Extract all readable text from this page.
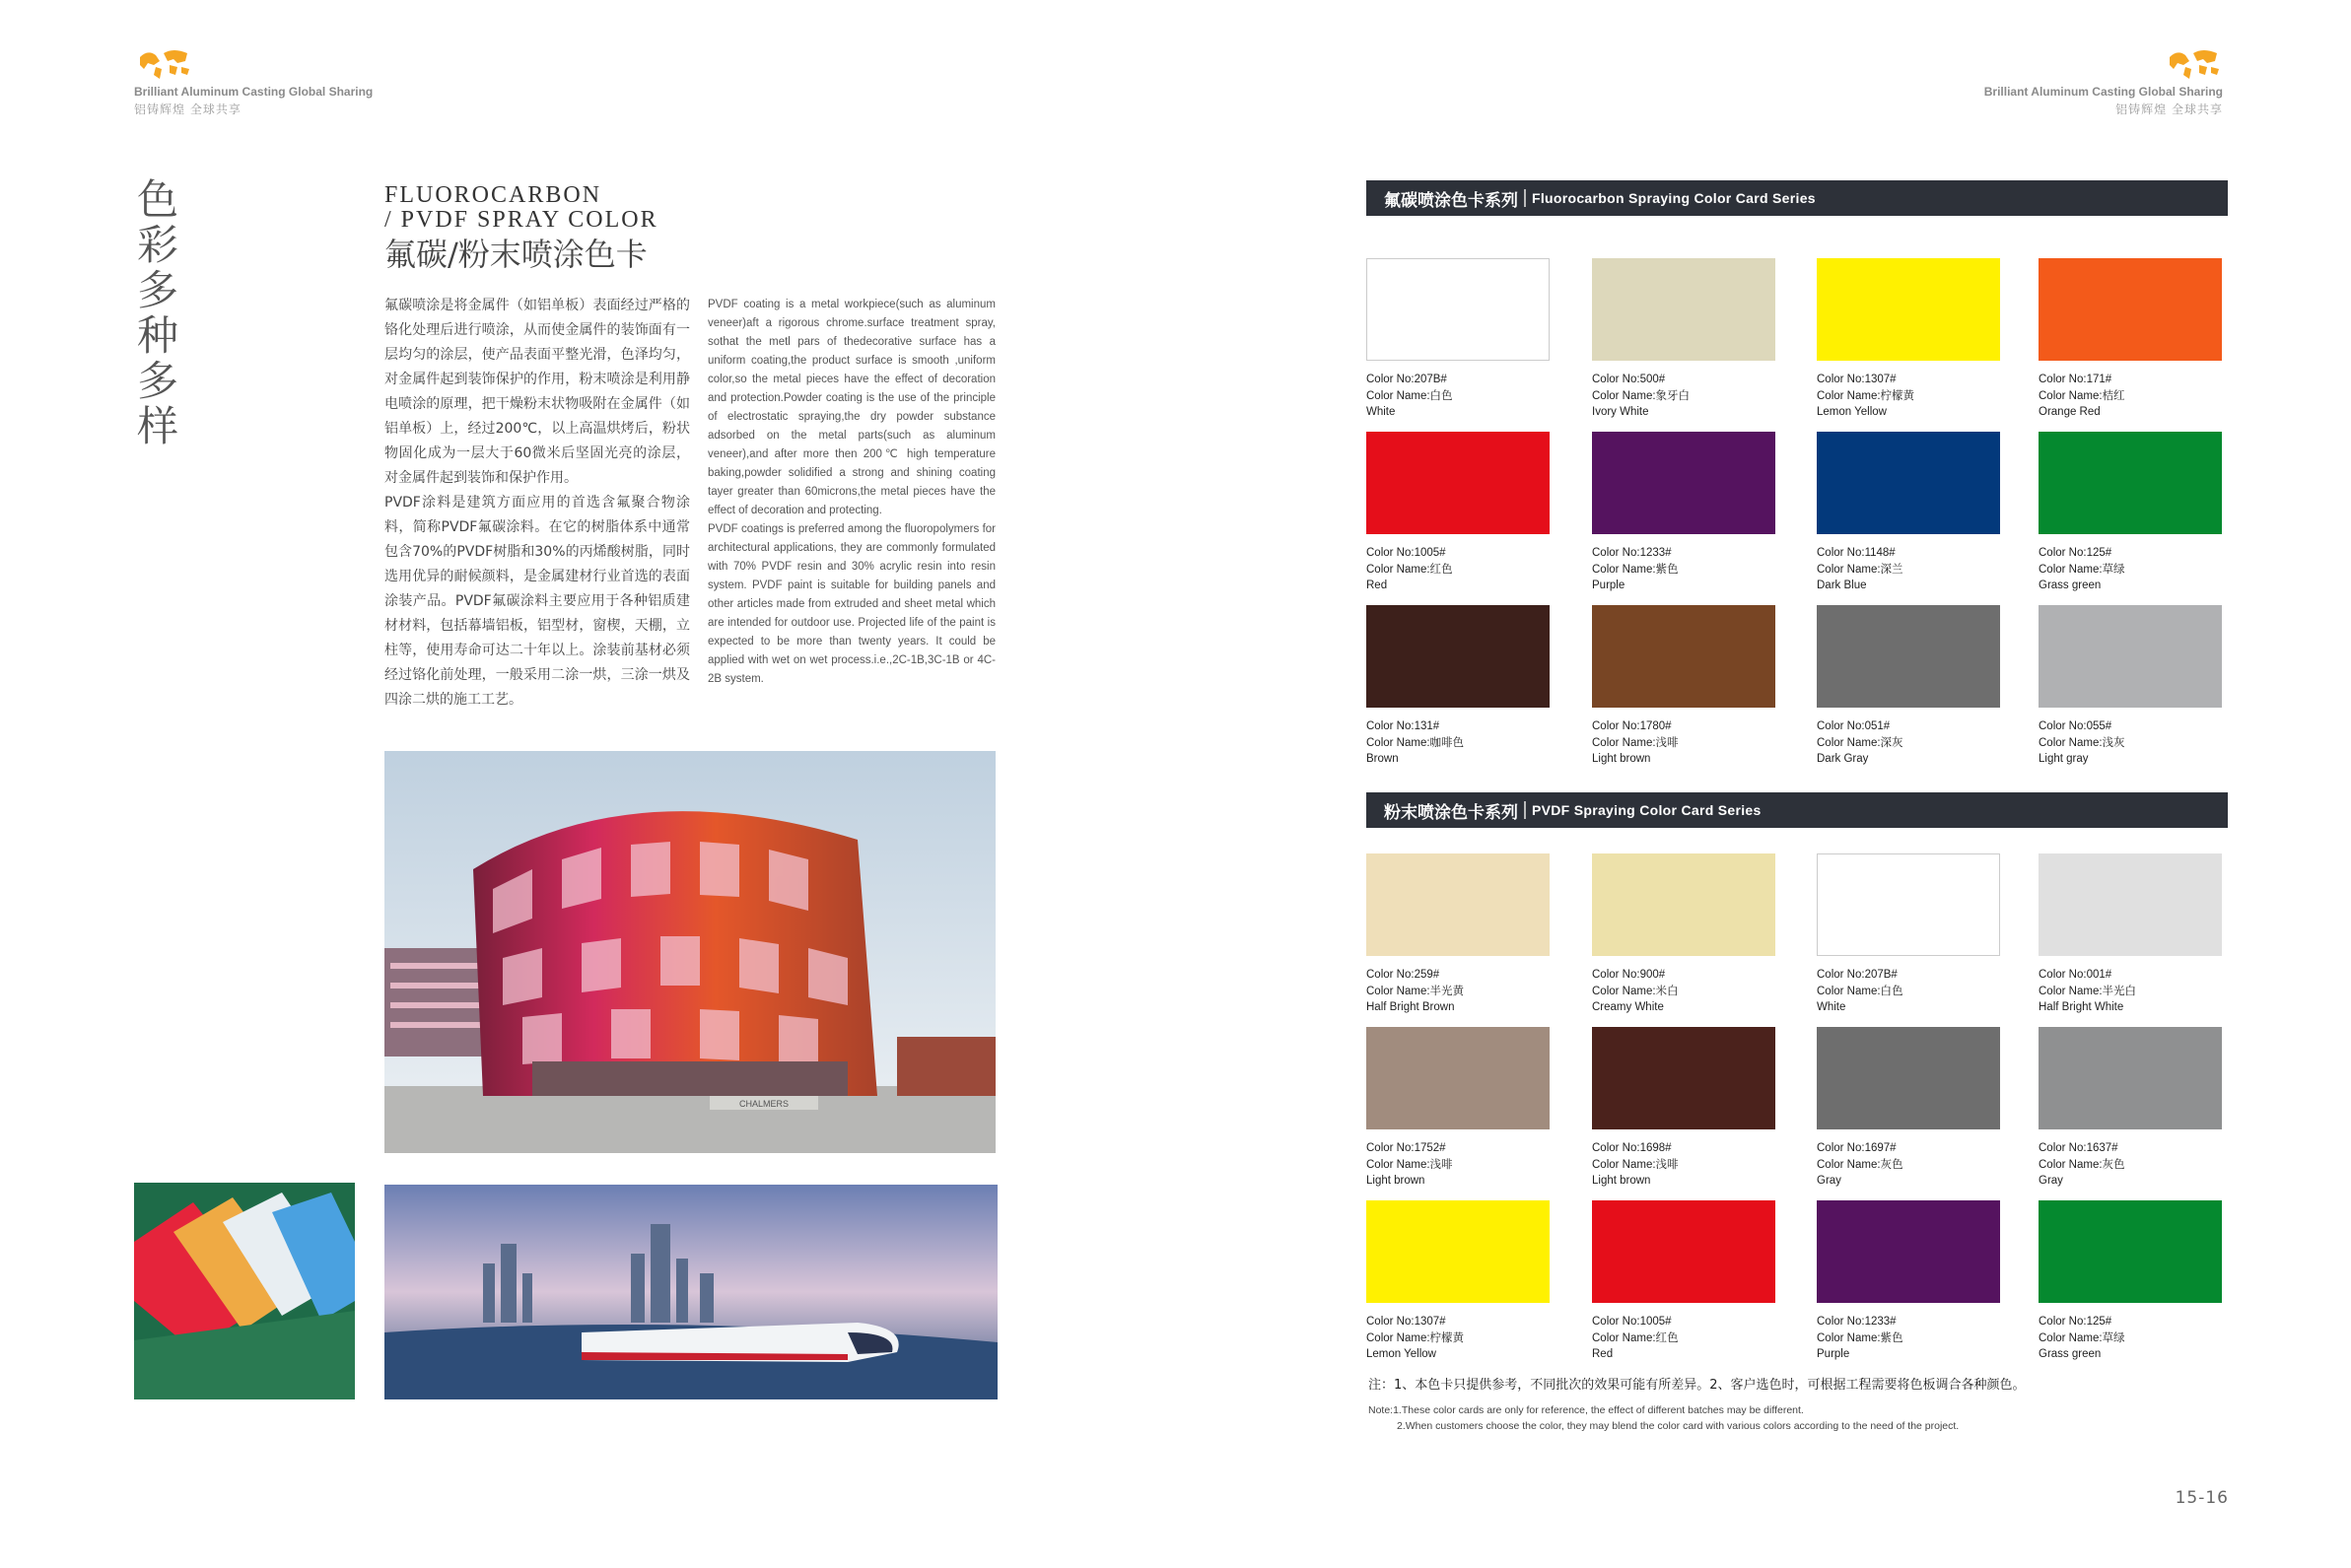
Brilliant Aluminum Casting Global Sharing
铝铸辉煌 全球共享
Brilliant Aluminum Casting Global Sharing
铝铸辉煌 全球共享
色
彩
多
种
多
样
FLUOROCARBON
/ PVDF SPRAY COLOR
氟碳/粉末喷涂色卡

氟碳喷涂是将金属件（如铝单板）表面经过严格的铬化处理后进行喷涂，从而使金属件的装饰面有一层均匀的涂层，使产品表面平整光滑，色泽均匀，对金属件起到装饰保护的作用，粉末喷涂是利用静电喷涂的原理，把干燥粉末状物吸附在金属件（如铝单板）上，经过200℃，以上高温烘烤后，粉状物固化成为一层大于60微米后坚固光亮的涂层，对金属件起到装饰和保护作用。

PVDF涂料是建筑方面应用的首选含氟聚合物涂料，简称PVDF氟碳涂料。在它的树脂体系中通常包含70%的PVDF树脂和30%的丙烯酸树脂，同时选用优异的耐候颜料，是金属建材行业首选的表面涂装产品。PVDF氟碳涂料主要应用于各种铝质建材材料，包括幕墙铝板，铝型材，窗楔，天棚，立柱等，使用寿命可达二十年以上。涂装前基材必须经过铬化前处理，一般采用二涂一烘，三涂一烘及四涂二烘的施工工艺。

PVDF coating is a metal workpiece(such as aluminum veneer)aft a rigorous chrome.surface treatment spray, sothat the metl pars of thedecorative surface has a uniform coating,the product surface is smooth ,uniform color,so the metal pieces have the effect of decoration and protection.Powder coating is the use of the principle of electrostatic spraying,the dry powder substance adsorbed on the metal parts(such as aluminum veneer),and after more then 200℃ high temperature baking,powder solidified a strong and shining coating tayer greater than 60microns,the metal pieces have the effect of decoration and protecting.

PVDF coatings is preferred among the fluoropolymers for architectural applications, they are commonly formulated with 70% PVDF resin and 30% acrylic resin into resin system. PVDF paint is suitable for building panels and other articles made from extruded and sheet metal which are intended for outdoor use. Projected life of the paint is expected to be more than twenty years. It could be applied with wet on wet process.i.e.,2C-1B,3C-1B or 4C-2B system.

CHALMERS
氟碳喷涂色卡系列 Fluorocarbon Spraying Color Card Series
Color No:207B#
Color Name:白色
White
Color No:500#
Color Name:象牙白
Ivory White
Color No:1307#
Color Name:柠檬黄
Lemon Yellow
Color No:171#
Color Name:桔红
Orange Red
Color No:1005#
Color Name:红色
Red
Color No:1233#
Color Name:紫色
Purple
Color No:1148#
Color Name:深兰
Dark Blue
Color No:125#
Color Name:草绿
Grass green
Color No:131#
Color Name:咖啡色
Brown
Color No:1780#
Color Name:浅啡
Light brown
Color No:051#
Color Name:深灰
Dark Gray
Color No:055#
Color Name:浅灰
Light gray
粉末喷涂色卡系列 PVDF Spraying Color Card Series
Color No:259#
Color Name:半光黄
Half Bright Brown
Color No:900#
Color Name:米白
Creamy White
Color No:207B#
Color Name:白色
White
Color No:001#
Color Name:半光白
Half Bright White
Color No:1752#
Color Name:浅啡
Light brown
Color No:1698#
Color Name:浅啡
Light brown
Color No:1697#
Color Name:灰色
Gray
Color No:1637#
Color Name:灰色
Gray
Color No:1307#
Color Name:柠檬黄
Lemon Yellow
Color No:1005#
Color Name:红色
Red
Color No:1233#
Color Name:紫色
Purple
Color No:125#
Color Name:草绿
Grass green
注：1、本色卡只提供参考，不同批次的效果可能有所差异。2、客户选色时，可根据工程需要将色板调合各种颜色。
Note:1.These color cards are only for reference, the effect of different batches may be different.
2.When customers choose the color, they may blend the color card with various colors according to the need of the project.
15-16
